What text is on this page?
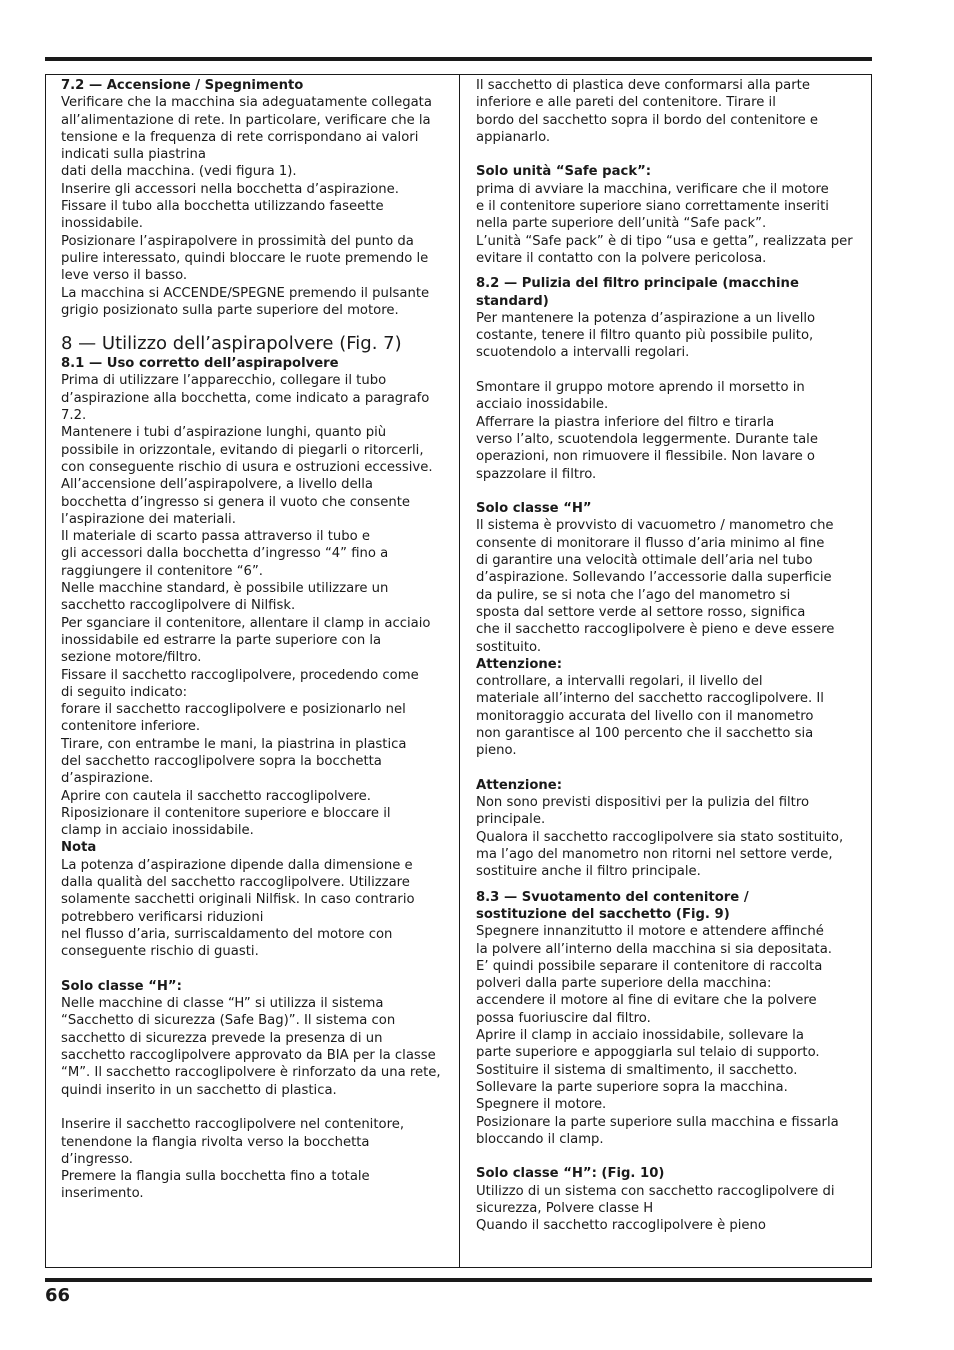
7.2 — Accensione / Spegnimento
Verificare che la macchina sia adeguatamente collegata
all’alimentazione di rete. In particolare, verificare che la
tensione e la frequenza di rete corrispondano ai valori
indicati sulla piastrina
dati della macchina. (vedi figura 1).
Inserire gli accessori nella bocchetta d’aspirazione.
Fissare il tubo alla bocchetta utilizzando faseette
inossidabile.
Posizionare l’aspirapolvere in prossimità del punto da
pulire interessato, quindi bloccare le ruote premendo le
leve verso il basso.
La macchina si ACCENDE/SPEGNE premendo il pulsante
grigio posizionato sulla parte superiore del motore.
8 — Utilizzo dell’aspirapolvere (Fig. 7)
8.1 — Uso corretto dell’aspirapolvere
Prima di utilizzare l’apparecchio, collegare il tubo
d’aspirazione alla bocchetta, come indicato a paragrafo
7.2.
Mantenere i tubi d’aspirazione lunghi, quanto più
possibile in orizzontale, evitando di piegarli o ritorcerli,
con conseguente rischio di usura e ostruzioni eccessive.
All’accensione dell’aspirapolvere, a livello della
bocchetta d’ingresso si genera il vuoto che consente
l’aspirazione dei materiali.
Il materiale di scarto passa attraverso il tubo e
gli accessori dalla bocchetta d’ingresso “4” fino a
raggiungere il contenitore “6”.
Nelle macchine standard, è possibile utilizzare un
sacchetto raccoglipolvere di Nilfisk.
Per sganciare il contenitore, allentare il clamp in acciaio
inossidabile ed estrarre la parte superiore con la
sezione motore/filtro.
Fissare il sacchetto raccoglipolvere, procedendo come
di seguito indicato:
forare il sacchetto raccoglipolvere e posizionarlo nel
contenitore inferiore.
Tirare, con entrambe le mani, la piastrina in plastica
del sacchetto raccoglipolvere sopra la bocchetta
d’aspirazione.
Aprire con cautela il sacchetto raccoglipolvere.
Riposizionare il contenitore superiore e bloccare il
clamp in acciaio inossidabile.
Nota
La potenza d’aspirazione dipende dalla dimensione e
dalla qualità del sacchetto raccoglipolvere. Utilizzare
solamente sacchetti originali Nilfisk. In caso contrario
potrebbero verificarsi riduzioni
nel flusso d’aria, surriscaldamento del motore con
conseguente rischio di guasti.
Solo classe “H”:
Nelle macchine di classe “H” si utilizza il sistema
“Sacchetto di sicurezza (Safe Bag)”. Il sistema con
sacchetto di sicurezza prevede la presenza di un
sacchetto raccoglipolvere approvato da BIA per la classe
“M”. Il sacchetto raccoglipolvere è rinforzato da una rete,
quindi inserito in un sacchetto di plastica.
Inserire il sacchetto raccoglipolvere nel contenitore,
tenendone la flangia rivolta verso la bocchetta
d’ingresso.
Premere la flangia sulla bocchetta fino a totale
inserimento.
Il sacchetto di plastica deve conformarsi alla parte
inferiore e alle pareti del contenitore. Tirare il
bordo del sacchetto sopra il bordo del contenitore e
appianarlo.
Solo unità “Safe pack”:
prima di avviare la macchina, verificare che il motore
e il contenitore superiore siano correttamente inseriti
nella parte superiore dell’unità “Safe pack”.
L’unità “Safe pack” è di tipo “usa e getta”, realizzata per
evitare il contatto con la polvere pericolosa.
8.2 — Pulizia del filtro principale (macchine
standard)
Per mantenere la potenza d’aspirazione a un livello
costante, tenere il filtro quanto più possibile pulito,
scuotendolo a intervalli regolari.
Smontare il gruppo motore aprendo il morsetto in
acciaio inossidabile.
Afferrare la piastra inferiore del filtro e tirarla
verso l’alto, scuotendola leggermente. Durante tale
operazioni, non rimuovere il flessibile. Non lavare o
spazzolare il filtro.
Solo classe “H”
Il sistema è provvisto di vacuometro / manometro che
consente di monitorare il flusso d’aria minimo al fine
di garantire una velocità ottimale dell’aria nel tubo
d’aspirazione. Sollevando l’accessorie dalla superficie
da pulire, se si nota che l’ago del manometro si
sposta dal settore verde al settore rosso, significa
che il sacchetto raccoglipolvere è pieno e deve essere
sostituito.
Attenzione:
controllare, a intervalli regolari, il livello del
materiale all’interno del sacchetto raccoglipolvere. Il
monitoraggio accurata del livello con il manometro
non garantisce al 100 percento che il sacchetto sia
pieno.
Attenzione:
Non sono previsti dispositivi per la pulizia del filtro
principale.
Qualora il sacchetto raccoglipolvere sia stato sostituito,
ma l’ago del manometro non ritorni nel settore verde,
sostituire anche il filtro principale.
8.3 — Svuotamento del contenitore /
sostituzione del sacchetto (Fig. 9)
Spegnere innanzitutto il motore e attendere affinché
la polvere all’interno della macchina si sia depositata.
E’ quindi possibile separare il contenitore di raccolta
polveri dalla parte superiore della macchina:
accendere il motore al fine di evitare che la polvere
possa fuoriuscire dal filtro.
Aprire il clamp in acciaio inossidabile, sollevare la
parte superiore e appoggiarla sul telaio di supporto.
Sostituire il sistema di smaltimento, il sacchetto.
Sollevare la parte superiore sopra la macchina.
Spegnere il motore.
Posizionare la parte superiore sulla macchina e fissarla
bloccando il clamp.
Solo classe “H”: (Fig. 10)
Utilizzo di un sistema con sacchetto raccoglipolvere di
sicurezza, Polvere classe H
Quando il sacchetto raccoglipolvere è pieno
66
